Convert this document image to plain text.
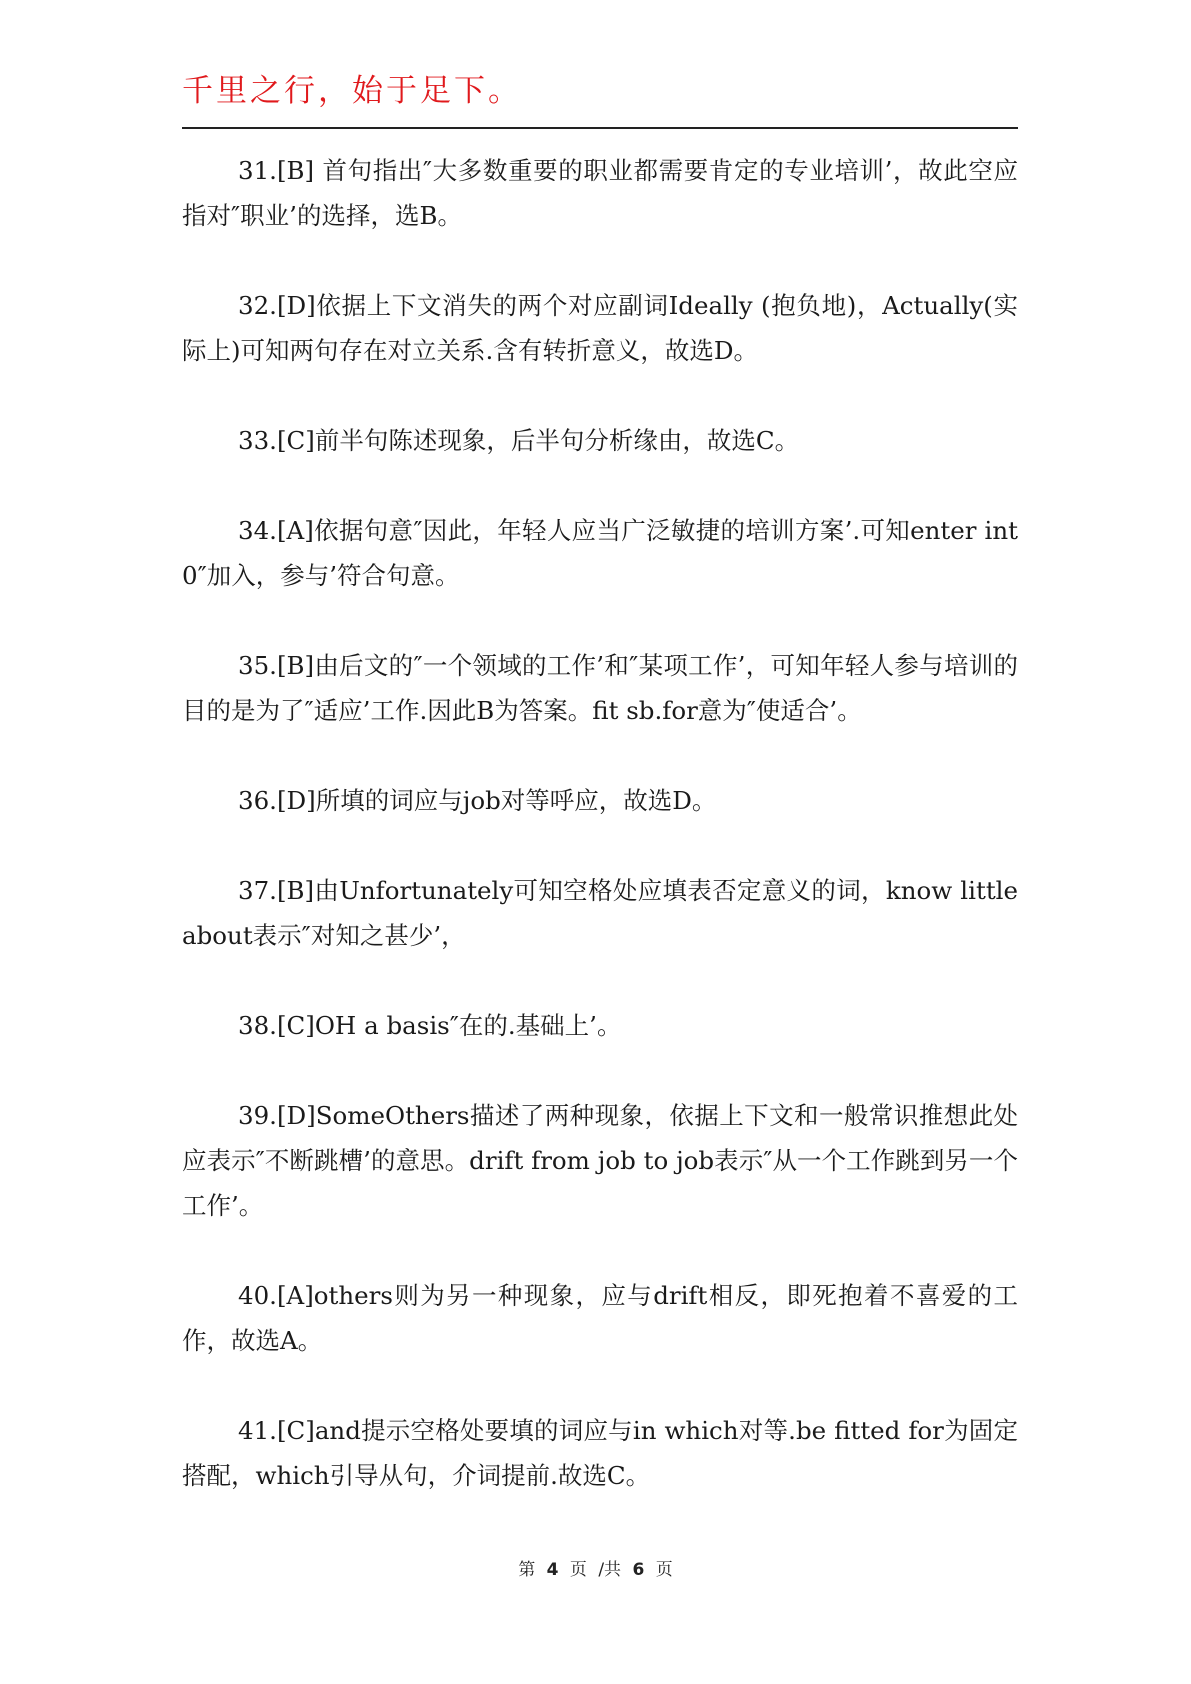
千里之行，始于足下。

31.[B] 首句指出″大多数重要的职业都需要肯定的专业培训’，故此空应指对″职业’的选择，选B。

32.[D]依据上下文消失的两个对应副词Ideally (抱负地)，Actually(实际上)可知两句存在对立关系.含有转折意义，故选D。

33.[C]前半句陈述现象，后半句分析缘由，故选C。

34.[A]依据句意″因此，年轻人应当广泛敏捷的培训方案’.可知enter int0″加入，参与’符合句意。

35.[B]由后文的″一个领域的工作’和″某项工作’，可知年轻人参与培训的目的是为了″适应’工作.因此B为答案。fit sb.for意为″使适合’。

36.[D]所填的词应与job对等呼应，故选D。

37.[B]由Unfortunately可知空格处应填表否定意义的词，know little about表示″对知之甚少’，

38.[C]OH a basis″在的.基础上’。

39.[D]SomeOthers描述了两种现象，依据上下文和一般常识推想此处应表示″不断跳槽’的意思。drift from job to job表示″从一个工作跳到另一个工作’。

40.[A]others则为另一种现象，应与drift相反，即死抱着不喜爱的工作，故选A。

41.[C]and提示空格处要填的词应与in which对等.be fitted for为固定搭配，which引导从句，介词提前.故选C。

第 4 页 /共 6 页
